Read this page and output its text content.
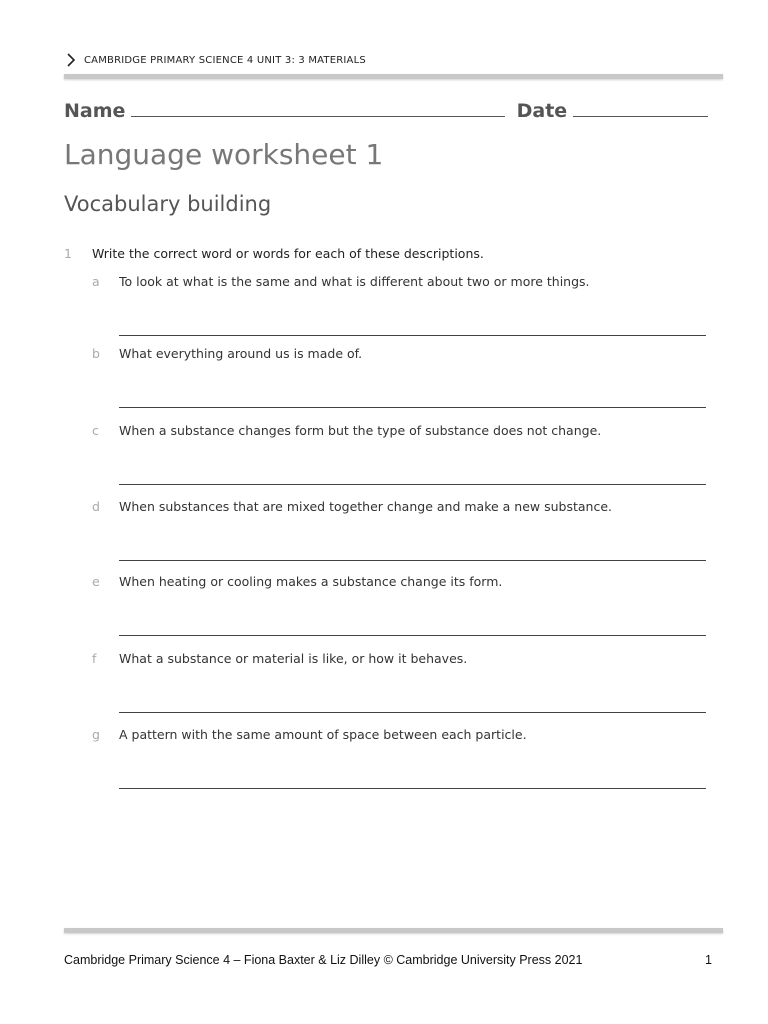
CAMBRIDGE PRIMARY SCIENCE 4 UNIT 3: 3 MATERIALS
Name	Date
Language worksheet 1
Vocabulary building
1	Write the correct word or words for each of these descriptions.
a	To look at what is the same and what is different about two or more things.
b	What everything around us is made of.
c	When a substance changes form but the type of substance does not change.
d	When substances that are mixed together change and make a new substance.
e	When heating or cooling makes a substance change its form.
f	What a substance or material is like, or how it behaves.
g	A pattern with the same amount of space between each particle.
Cambridge Primary Science 4 – Fiona Baxter & Liz Dilley © Cambridge University Press 2021	1
